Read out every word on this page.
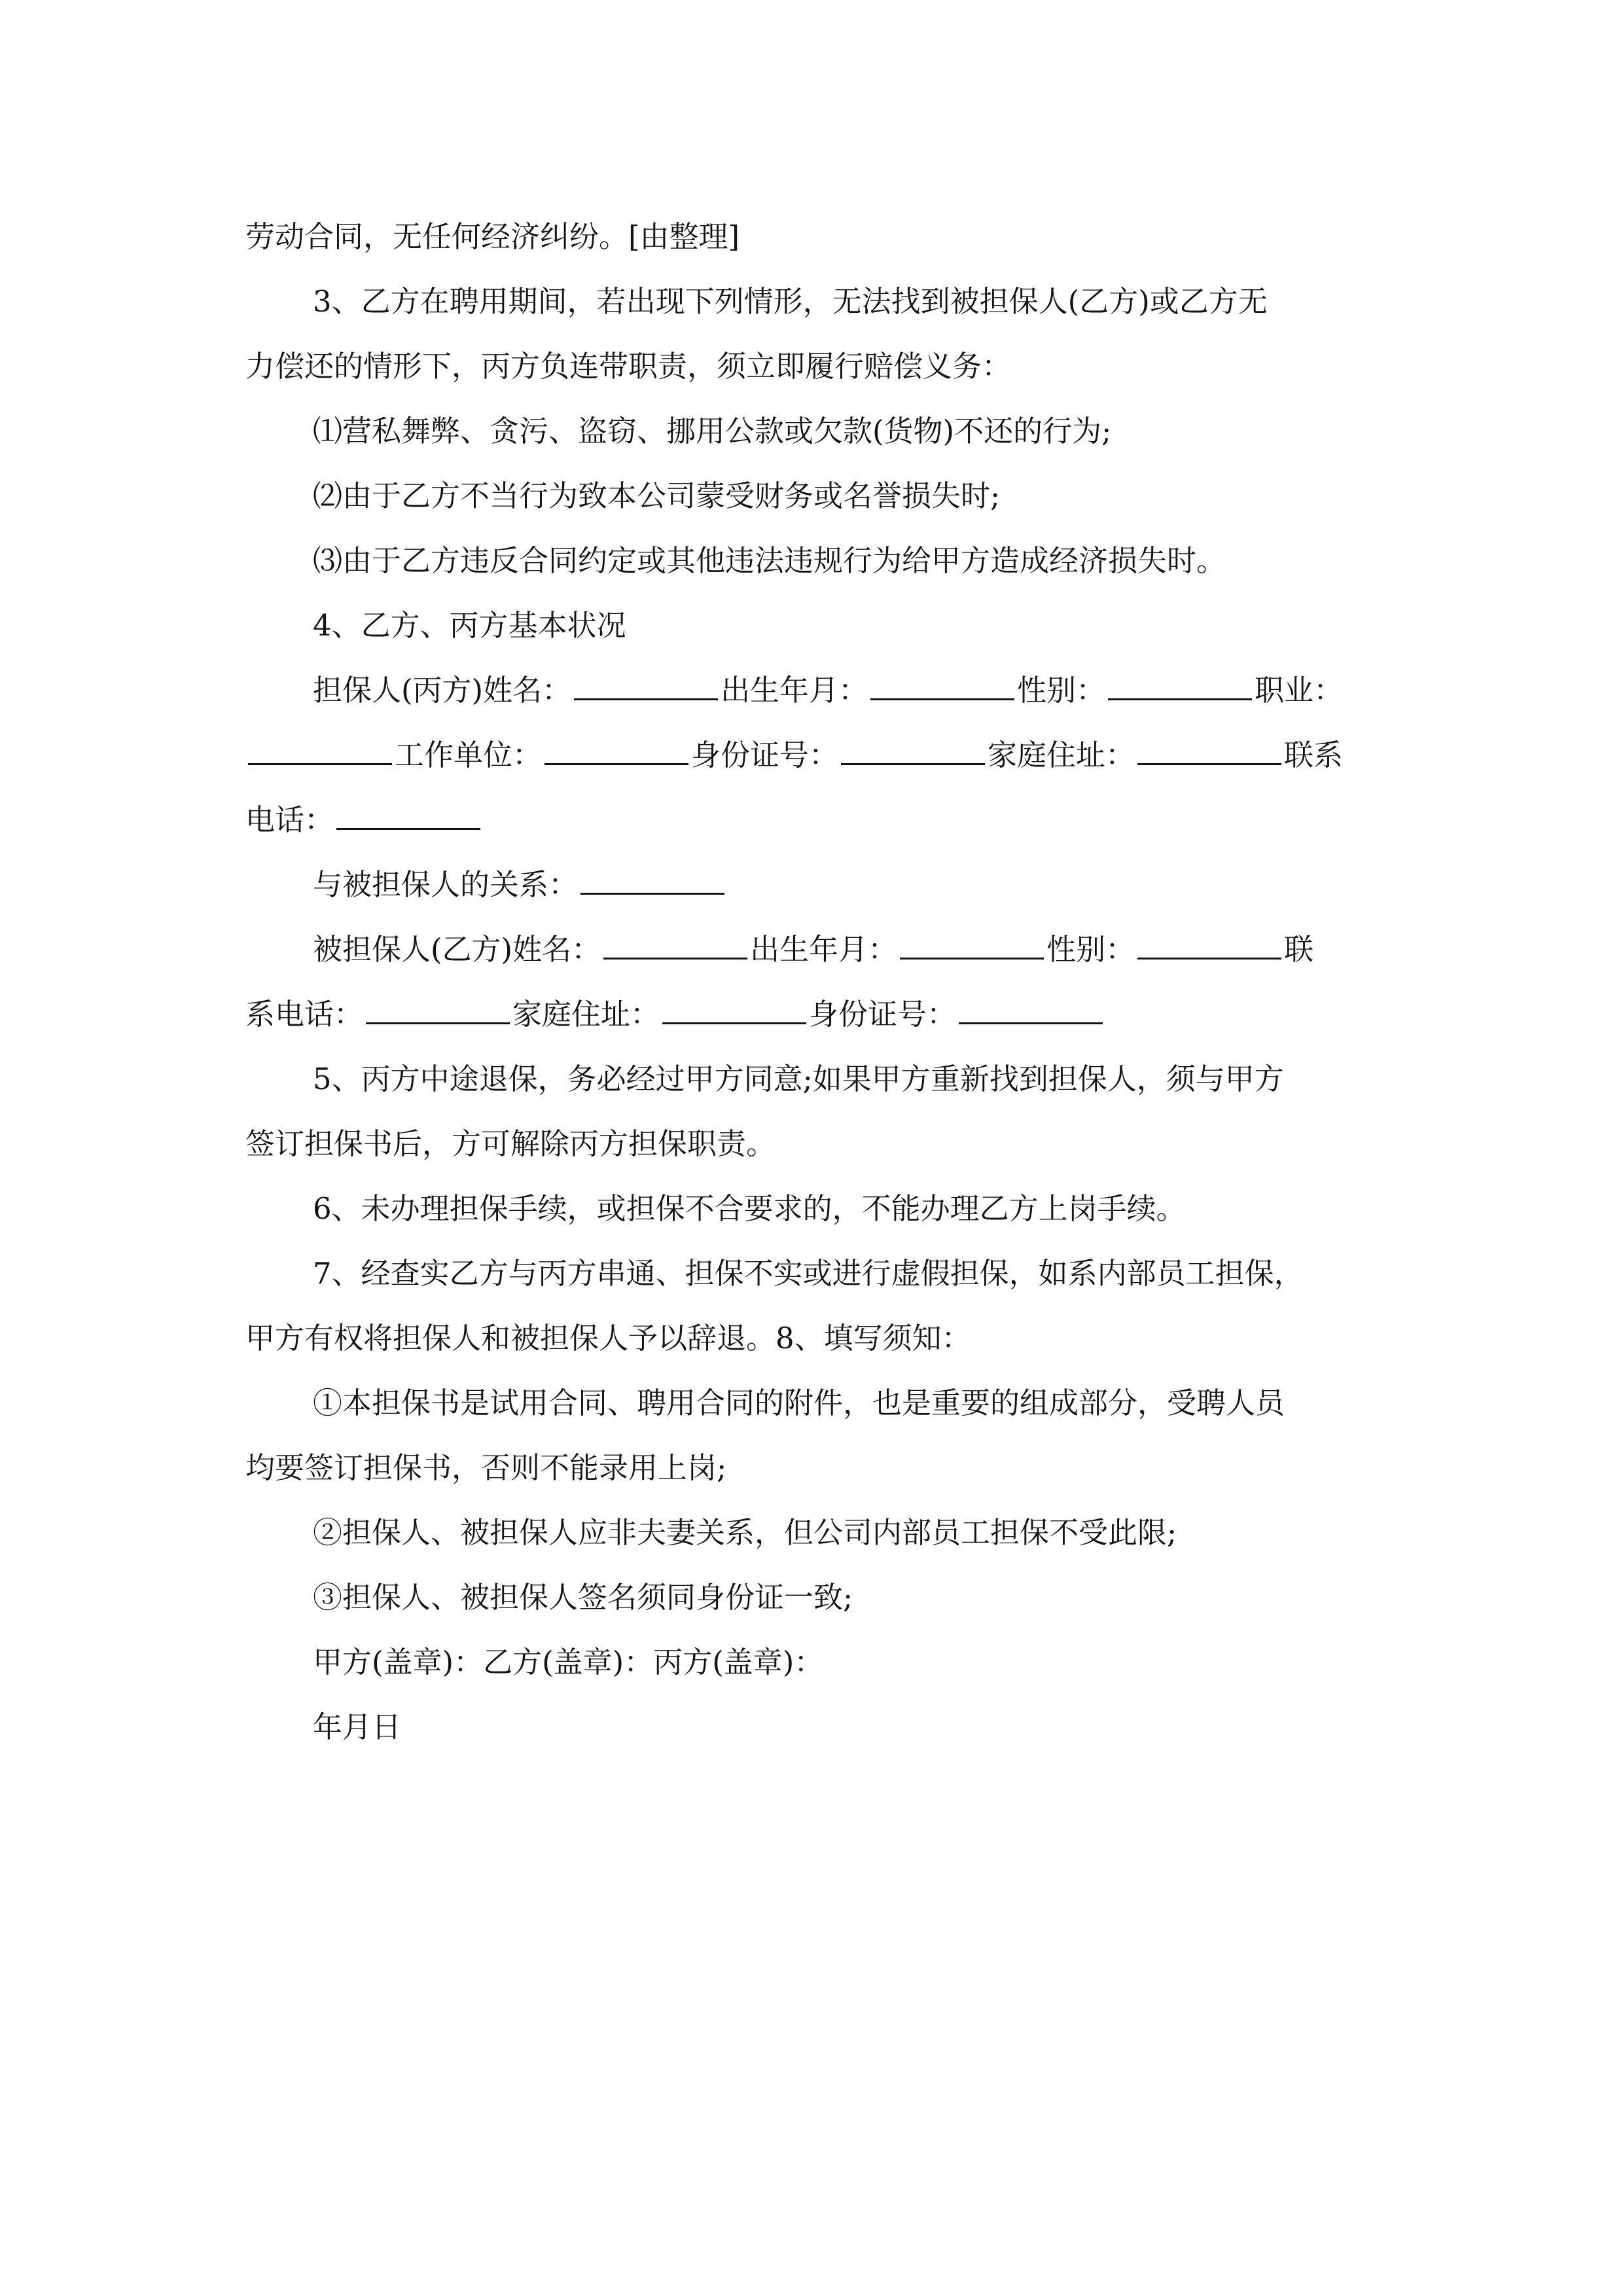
劳动合同，无任何经济纠纷。[由整理]

3、乙方在聘用期间，若出现下列情形，无法找到被担保人(乙方)或乙方无

力偿还的情形下，丙方负连带职责，须立即履行赔偿义务：

⑴营私舞弊、贪污、盗窃、挪用公款或欠款(货物)不还的行为;

⑵由于乙方不当行为致本公司蒙受财务或名誉损失时;

⑶由于乙方违反合同约定或其他违法违规行为给甲方造成经济损失时。

4、乙方、丙方基本状况

担保人(丙方)姓名：	出生年月：	性别：	职业：

工作单位：	身份证号：	家庭住址：	联系

电话：

与被担保人的关系：

被担保人(乙方)姓名：	出生年月：	性别：	联

系电话：	家庭住址：	身份证号：

5、丙方中途退保，务必经过甲方同意;如果甲方重新找到担保人，须与甲方

签订担保书后，方可解除丙方担保职责。

6、未办理担保手续，或担保不合要求的，不能办理乙方上岗手续。

7、经查实乙方与丙方串通、担保不实或进行虚假担保，如系内部员工担保，

甲方有权将担保人和被担保人予以辞退。8、填写须知：

①本担保书是试用合同、聘用合同的附件，也是重要的组成部分，受聘人员

均要签订担保书，否则不能录用上岗;

②担保人、被担保人应非夫妻关系，但公司内部员工担保不受此限;

③担保人、被担保人签名须同身份证一致;

甲方(盖章)：乙方(盖章)：丙方(盖章)：

年月日
